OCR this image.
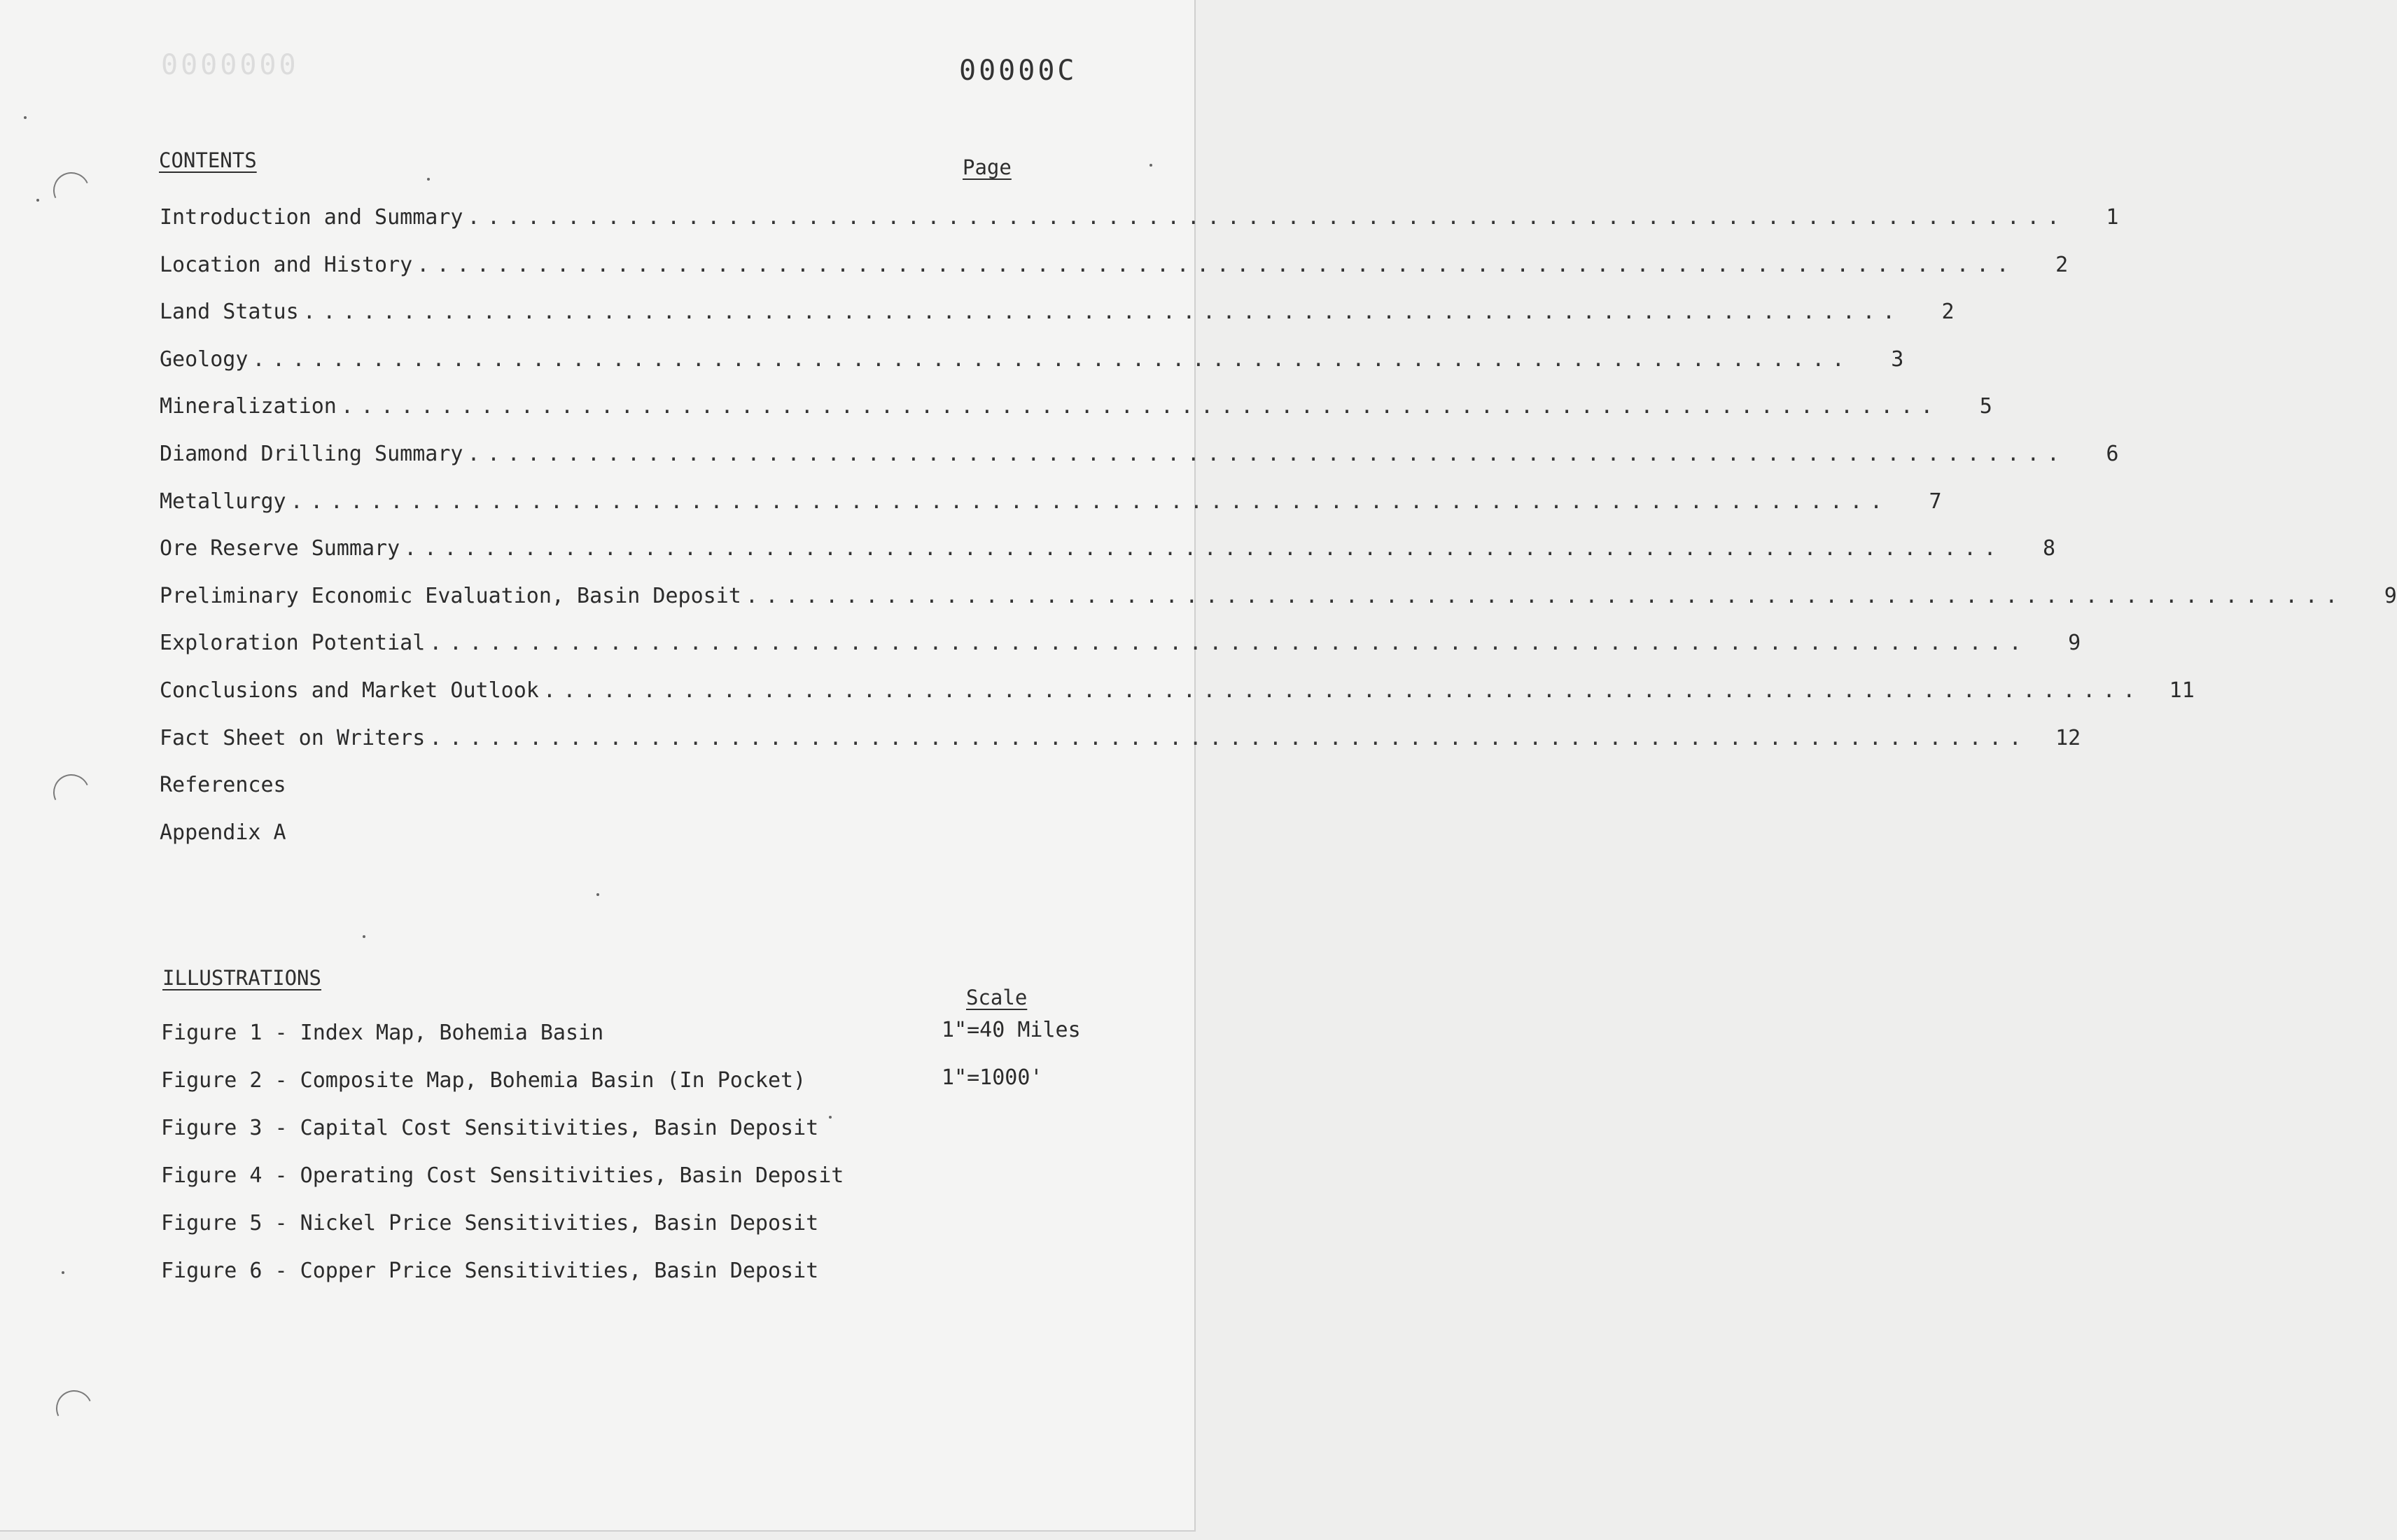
0000000	00000C
CONTENTS	Page
Introduction and Summary ................................................................................	1
Location and History ................................................................................	2
Land Status ................................................................................	2
Geology ................................................................................	3
Mineralization ................................................................................	5
Diamond Drilling Summary ................................................................................	6
Metallurgy ................................................................................	7
Ore Reserve Summary ................................................................................	8
Preliminary Economic Evaluation, Basin Deposit ................................................................................	9
Exploration Potential ................................................................................	9
Conclusions and Market Outlook ................................................................................	11
Fact Sheet on Writers ................................................................................	12
References
Appendix A
ILLUSTRATIONS
Scale
Figure 1 - Index Map, Bohemia Basin	1"=40 Miles
Figure 2 - Composite Map, Bohemia Basin (In Pocket)	1"=1000'
Figure 3 - Capital Cost Sensitivities, Basin Deposit
Figure 4 - Operating Cost Sensitivities, Basin Deposit
Figure 5 - Nickel Price Sensitivities, Basin Deposit
Figure 6 - Copper Price Sensitivities, Basin Deposit
